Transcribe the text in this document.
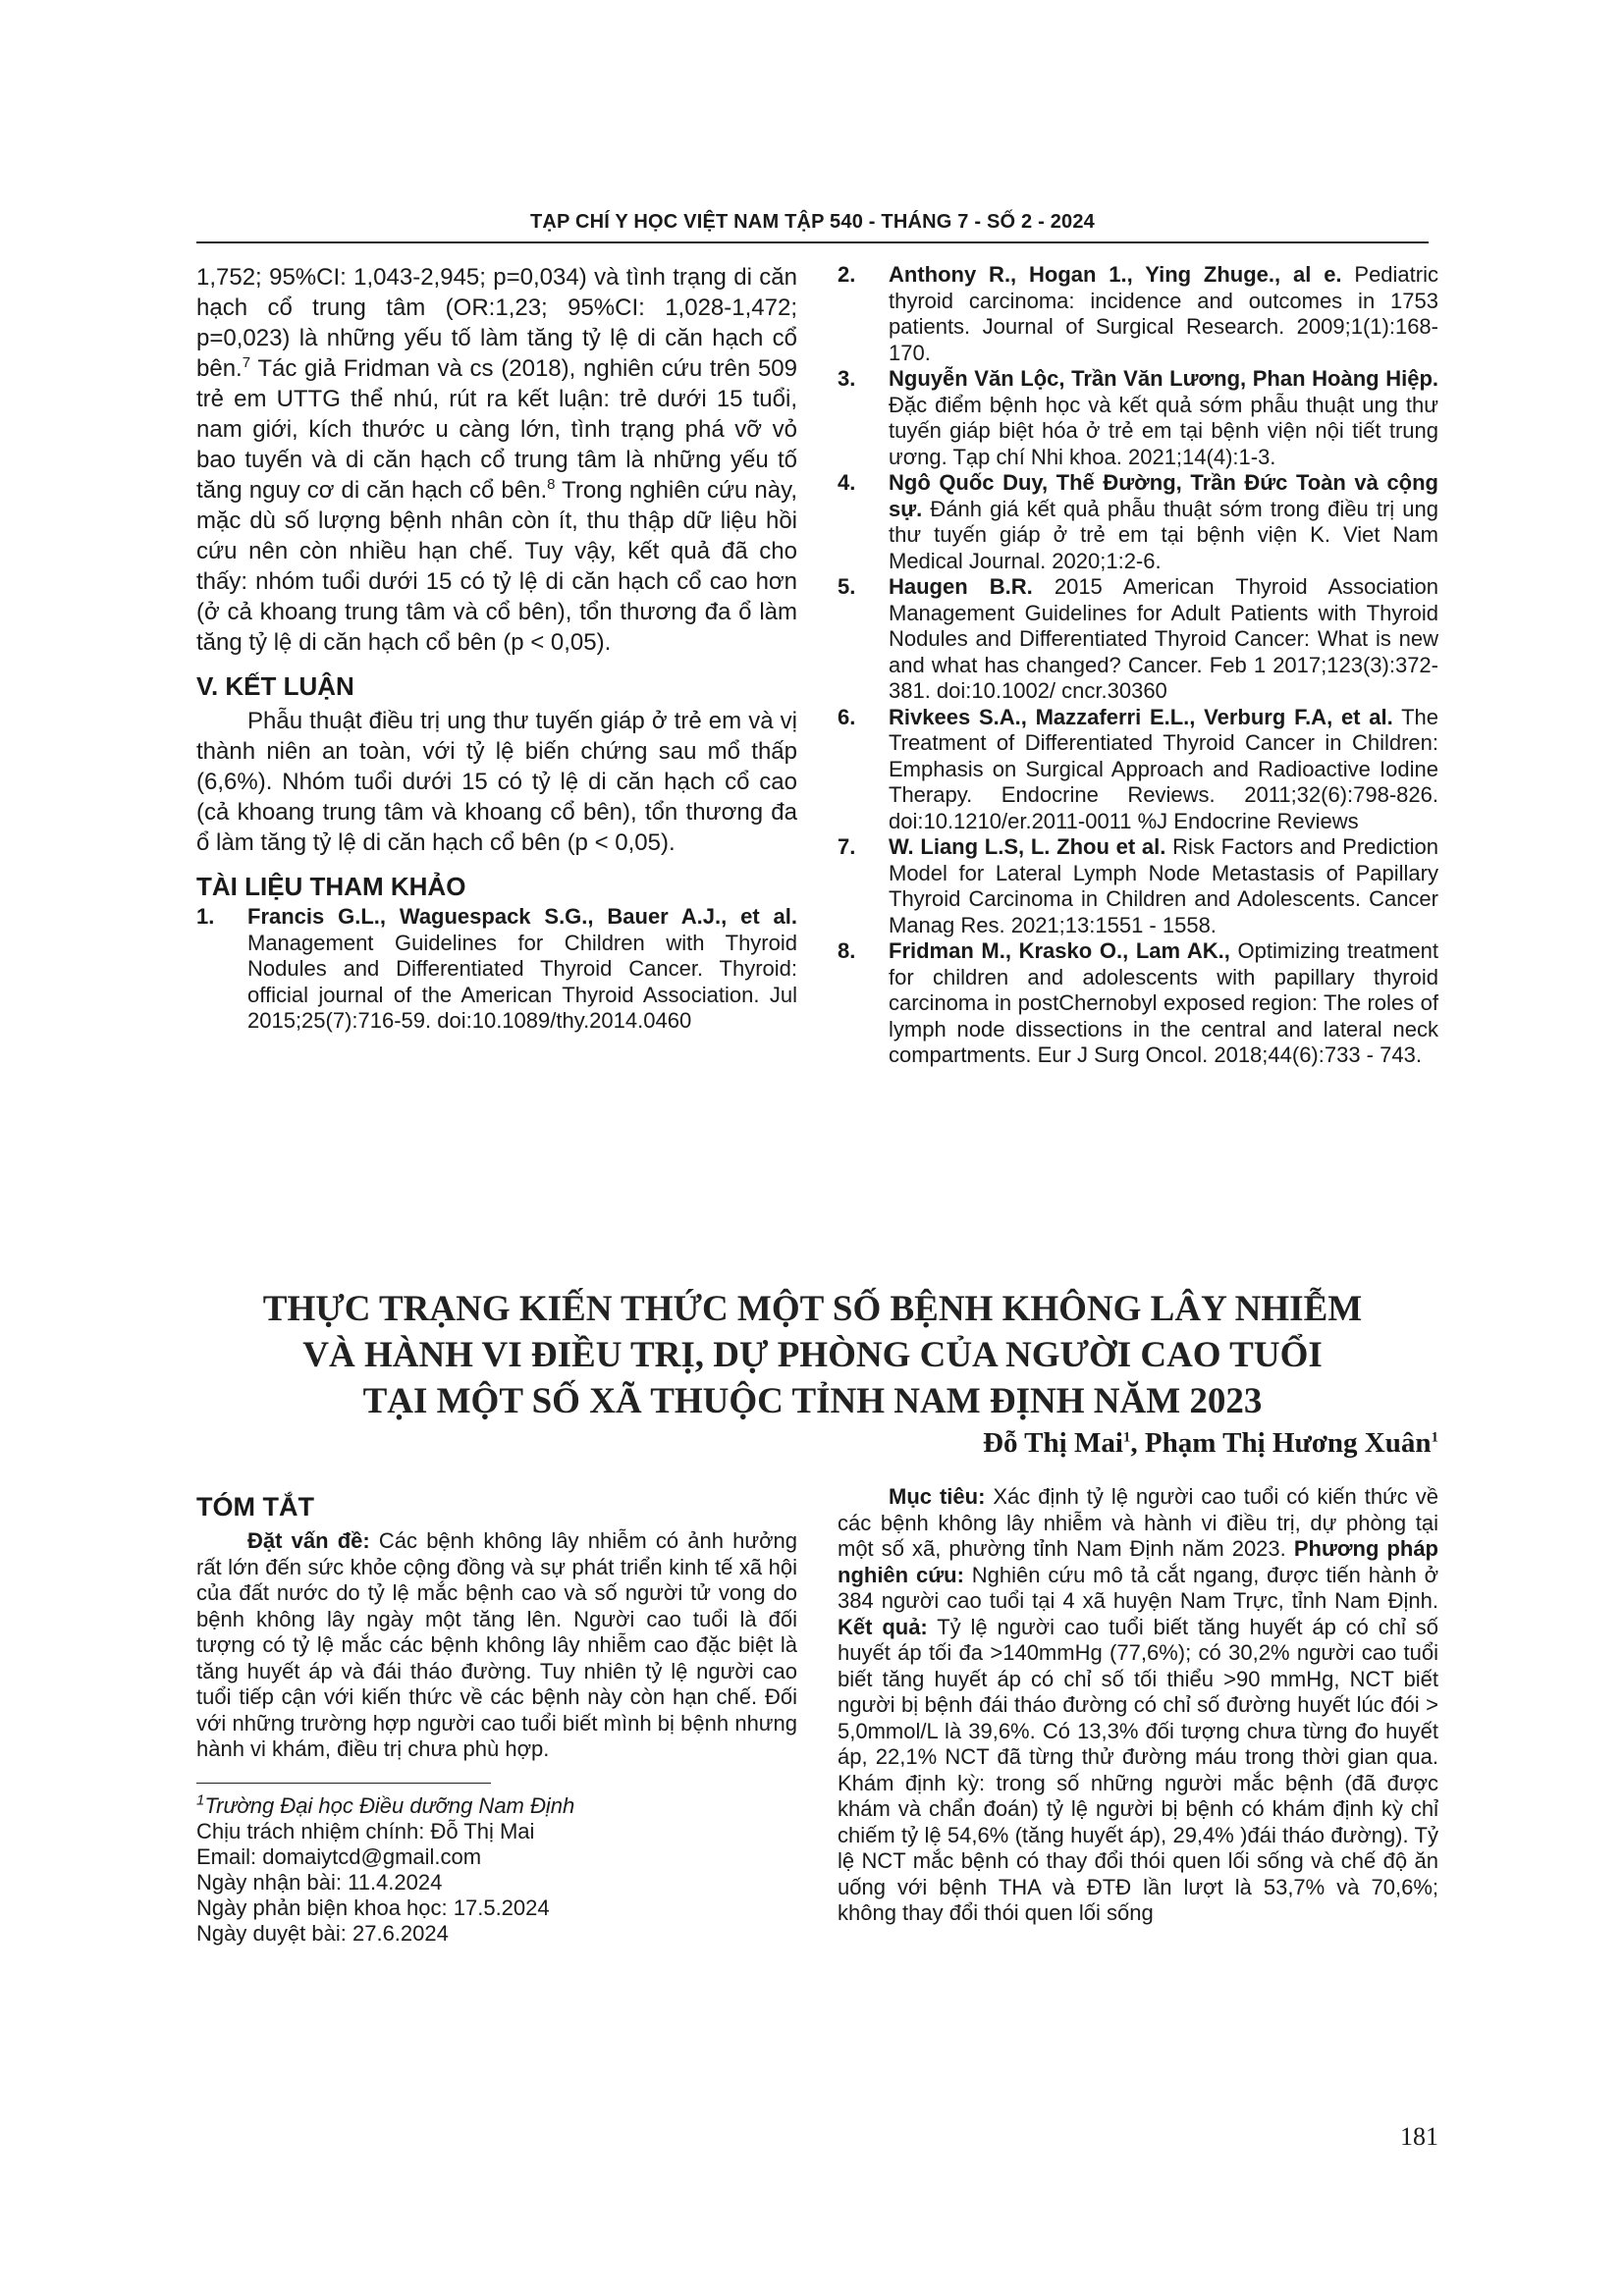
TẠP CHÍ Y HỌC VIỆT NAM TẬP 540 - THÁNG 7 - SỐ 2 - 2024

1,752; 95%CI: 1,043-2,945; p=0,034) và tình trạng di căn hạch cổ trung tâm (OR:1,23; 95%CI: 1,028-1,472; p=0,023) là những yếu tố làm tăng tỷ lệ di căn hạch cổ bên.$^7$ Tác giả Fridman và cs (2018), nghiên cứu trên 509 trẻ em UTTG thể nhú, rút ra kết luận: trẻ dưới 15 tuổi, nam giới, kích thước u càng lớn, tình trạng phá vỡ vỏ bao tuyến và di căn hạch cổ trung tâm là những yếu tố tăng nguy cơ di căn hạch cổ bên.$^8$ Trong nghiên cứu này, mặc dù số lượng bệnh nhân còn ít, thu thập dữ liệu hồi cứu nên còn nhiều hạn chế. Tuy vậy, kết quả đã cho thấy: nhóm tuổi dưới 15 có tỷ lệ di căn hạch cổ cao hơn (ở cả khoang trung tâm và cổ bên), tổn thương đa ổ làm tăng tỷ lệ di căn hạch cổ bên (p < 0,05).

V. KẾT LUẬN

Phẫu thuật điều trị ung thư tuyến giáp ở trẻ em và vị thành niên an toàn, với tỷ lệ biến chứng sau mổ thấp (6,6%). Nhóm tuổi dưới 15 có tỷ lệ di căn hạch cổ cao (cả khoang trung tâm và khoang cổ bên), tổn thương đa ổ làm tăng tỷ lệ di căn hạch cổ bên (p < 0,05).

TÀI LIỆU THAM KHẢO
1.	Francis G.L., Waguespack S.G., Bauer A.J., et al. Management Guidelines for Children with Thyroid Nodules and Differentiated Thyroid Cancer. Thyroid: official journal of the American Thyroid Association. Jul 2015;25(7):716-59. doi:10.1089/thy.2014.0460
2.	Anthony R., Hogan 1., Ying Zhuge., al e. Pediatric thyroid carcinoma: incidence and outcomes in 1753 patients. Journal of Surgical Research. 2009;1(1):168-170.
3.	Nguyễn Văn Lộc, Trần Văn Lương, Phan Hoàng Hiệp. Đặc điểm bệnh học và kết quả sớm phẫu thuật ung thư tuyến giáp biệt hóa ở trẻ em tại bệnh viện nội tiết trung ương. Tạp chí Nhi khoa. 2021;14(4):1-3.
4.	Ngô Quốc Duy, Thế Đường, Trần Đức Toàn và cộng sự. Đánh giá kết quả phẫu thuật sớm trong điều trị ung thư tuyến giáp ở trẻ em tại bệnh viện K. Viet Nam Medical Journal. 2020;1:2-6.
5.	Haugen B.R. 2015 American Thyroid Association Management Guidelines for Adult Patients with Thyroid Nodules and Differentiated Thyroid Cancer: What is new and what has changed? Cancer. Feb 1 2017;123(3):372-381. doi:10.1002/ cncr.30360
6.	Rivkees S.A., Mazzaferri E.L., Verburg F.A, et al. The Treatment of Differentiated Thyroid Cancer in Children: Emphasis on Surgical Approach and Radioactive Iodine Therapy. Endocrine Reviews. 2011;32(6):798-826. doi:10.1210/er.2011-0011 %J Endocrine Reviews
7.	W. Liang L.S, L. Zhou et al. Risk Factors and Prediction Model for Lateral Lymph Node Metastasis of Papillary Thyroid Carcinoma in Children and Adolescents. Cancer Manag Res. 2021;13:1551 - 1558.
8.	Fridman M., Krasko O., Lam AK., Optimizing treatment for children and adolescents with papillary thyroid carcinoma in postChernobyl exposed region: The roles of lymph node dissections in the central and lateral neck compartments. Eur J Surg Oncol. 2018;44(6):733 - 743.
THỰC TRẠNG KIẾN THỨC MỘT SỐ BỆNH KHÔNG LÂY NHIỄM
VÀ HÀNH VI ĐIỀU TRỊ, DỰ PHÒNG CỦA NGƯỜI CAO TUỔI
TẠI MỘT SỐ XÃ THUỘC TỈNH NAM ĐỊNH NĂM 2023
Đỗ Thị Mai$^1$, Phạm Thị Hương Xuân$^1$
TÓM TẮT

Đặt vấn đề: Các bệnh không lây nhiễm có ảnh hưởng rất lớn đến sức khỏe cộng đồng và sự phát triển kinh tế xã hội của đất nước do tỷ lệ mắc bệnh cao và số người tử vong do bệnh không lây ngày một tăng lên. Người cao tuổi là đối tượng có tỷ lệ mắc các bệnh không lây nhiễm cao đặc biệt là tăng huyết áp và đái tháo đường. Tuy nhiên tỷ lệ người cao tuổi tiếp cận với kiến thức về các bệnh này còn hạn chế. Đối với những trường hợp người cao tuổi biết mình bị bệnh nhưng hành vi khám, điều trị chưa phù hợp.

$^1$Trường Đại học Điều dưỡng Nam Định
Chịu trách nhiệm chính: Đỗ Thị Mai
Email: domaiytcd@gmail.com
Ngày nhận bài: 11.4.2024
Ngày phản biện khoa học: 17.5.2024
Ngày duyệt bài: 27.6.2024

Mục tiêu: Xác định tỷ lệ người cao tuổi có kiến thức về các bệnh không lây nhiễm và hành vi điều trị, dự phòng tại một số xã, phường tỉnh Nam Định năm 2023. Phương pháp nghiên cứu: Nghiên cứu mô tả cắt ngang, được tiến hành ở 384 người cao tuổi tại 4 xã huyện Nam Trực, tỉnh Nam Định. Kết quả: Tỷ lệ người cao tuổi biết tăng huyết áp có chỉ số huyết áp tối đa >140mmHg (77,6%); có 30,2% người cao tuổi biết tăng huyết áp có chỉ số tối thiểu >90 mmHg, NCT biết người bị bệnh đái tháo đường có chỉ số đường huyết lúc đói > 5,0mmol/L là 39,6%. Có 13,3% đối tượng chưa từng đo huyết áp, 22,1% NCT đã từng thử đường máu trong thời gian qua. Khám định kỳ: trong số những người mắc bệnh (đã được khám và chẩn đoán) tỷ lệ người bị bệnh có khám định kỳ chỉ chiếm tỷ lệ 54,6% (tăng huyết áp), 29,4% )đái tháo đường). Tỷ lệ NCT mắc bệnh có thay đổi thói quen lối sống và chế độ ăn uống với bệnh THA và ĐTĐ lần lượt là 53,7% và 70,6%; không thay đổi thói quen lối sống

181
